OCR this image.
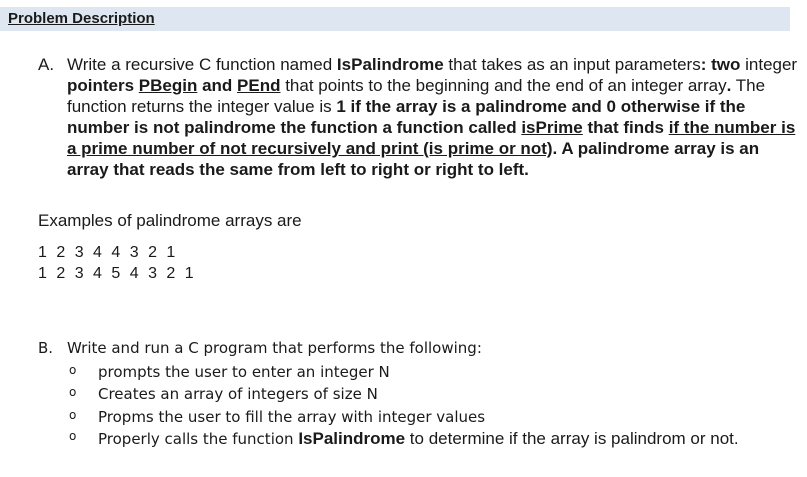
Problem Description
A. Write a recursive C function named IsPalindrome that takes as an input parameters: two integer pointers PBegin and PEnd that points to the beginning and the end of an integer array. The function returns the integer value is 1 if the array is a palindrome and 0 otherwise if the number is not palindrome the function a function called isPrime that finds if the number is a prime number of not recursively and print (is prime or not). A palindrome array is an array that reads the same from left to right or right to left.
Examples of palindrome arrays are
1 2 3 4 4 3 2 1
1 2 3 4 5 4 3 2 1
B. Write and run a C program that performs the following:
o prompts the user to enter an integer N
o Creates an array of integers of size N
o Propms the user to fill the array with integer values
o Properly calls the function IsPalindrome to determine if the array is palindrom or not.
